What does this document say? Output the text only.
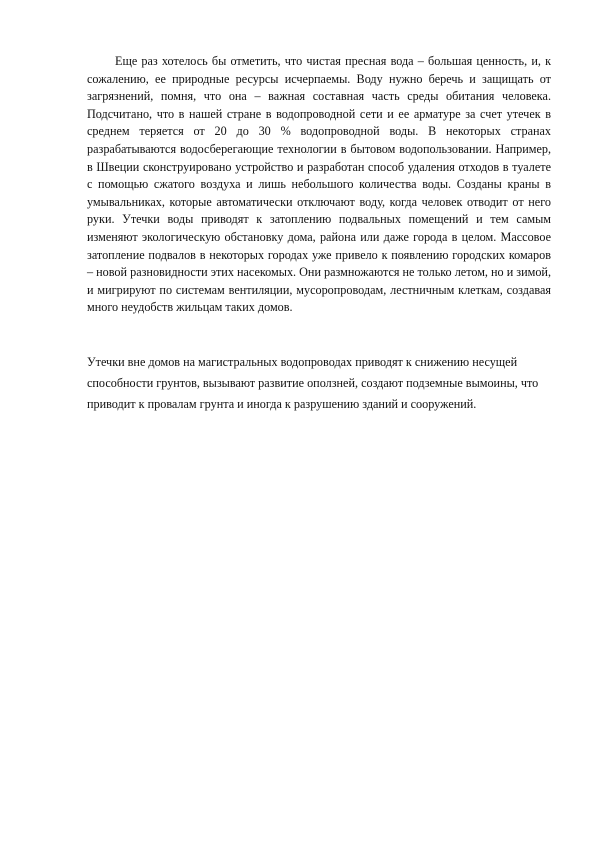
Еще раз хотелось бы отметить, что чистая пресная вода – большая ценность, и, к сожалению, ее природные ресурсы исчерпаемы. Воду нужно беречь и защищать от загрязнений, помня, что она – важная составная часть среды обитания человека. Подсчитано, что в нашей стране в водопроводной сети и ее арматуре за счет утечек в среднем теряется от 20 до 30 % водопроводной воды. В некоторых странах разрабатываются водосберегающие технологии в бытовом водопользовании. Например, в Швеции сконструировано устройство и разработан способ удаления отходов в туалете с помощью сжатого воздуха и лишь небольшого количества воды. Созданы краны в умывальниках, которые автоматически отключают воду, когда человек отводит от него руки. Утечки воды приводят к затоплению подвальных помещений и тем самым изменяют экологическую обстановку дома, района или даже города в целом. Массовое затопление подвалов в некоторых городах уже привело к появлению городских комаров – новой разновидности этих насекомых. Они размножаются не только летом, но и зимой, и мигрируют по системам вентиляции, мусоропроводам, лестничным клеткам, создавая много неудобств жильцам таких домов.

Утечки вне домов на магистральных водопроводах приводят к снижению несущей способности грунтов, вызывают развитие оползней, создают подземные вымоины, что приводит к провалам грунта и иногда к разрушению зданий и сооружений.
